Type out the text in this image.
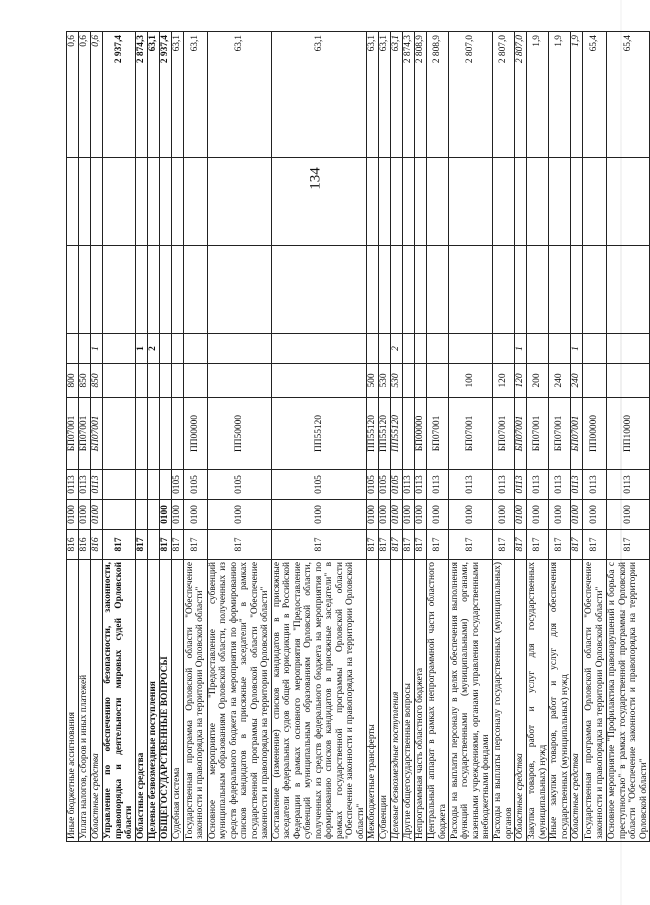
134
Иные бюджетные ассигнования	816	0100	0113	БП07001	800				0,6
Уплата налогов, сборов и иных платежей	816	0100	0113	БП07001	850				0,6
Областные средства	816	0100	0113	БП07001	850	1			0,6
Управление по обеспечению безопасности, законности, правопорядка и деятельности мировых судей Орловской области	817								2 937,4
Областные средства	817					1			2 874,3
Целевые безвозмездные поступления						2			63,1
ОБЩЕГОСУДАРСТВЕННЫЕ ВОПРОСЫ	817	0100							2 937,4
Судебная система	817	0100	0105						63,1
Государственная программа Орловской области "Обеспечение законности и правопорядка на территории Орловской области"	817	0100	0105	ПП00000					63,1
Основное мероприятие "Предоставление субвенций муниципальным образованиям Орловской области, полученных из средств федерального бюджета на мероприятия по формированию списков кандидатов в присяжные заседатели" в рамках государственной программы Орловской области "Обеспечение законности и правопорядка на территории Орловской области"	817	0100	0105	ПП50000					63,1
Составление (изменение) списков кандидатов в присяжные заседатели федеральных судов общей юрисдикции в Российской Федерации в рамках основного мероприятия "Предоставление субвенций муниципальным образованиям Орловской области, полученных из средств федерального бюджета на мероприятия по формированию списков кандидатов в присяжные заседатели" в рамках государственной программы Орловской области "Обеспечение законности и правопорядка на территории Орловской области"	817	0100	0105	ПП55120					63,1
Межбюджетные трансферты	817	0100	0105	ПП55120	500				63,1
Субвенции	817	0100	0105	ПП55120	530				63,1
Целевые безвозмездные поступления	817	0100	0105	ПП55120	530	2			63,1
Другие общегосударственные вопросы	817	0100	0113						2 874,3
Непрограммная часть областного бюджета	817	0100	0113	БП00000					2 808,9
Центральный аппарат в рамках непрограммной части областного бюджета	817	0100	0113	БП07001					2 808,9
Расходы на выплаты персоналу в целях обеспечения выполнения функций государственными (муниципальными) органами, казенными учреждениями, органами управления государственными внебюджетными фондами	817	0100	0113	БП07001	100				2 807,0
Расходы на выплаты персоналу государственных (муниципальных) органов	817	0100	0113	БП07001	120				2 807,0
Областные средства	817	0100	0113	БП07001	120	1			2 807,0
Закупка товаров, работ и услуг для государственных (муниципальных) нужд	817	0100	0113	БП07001	200				1,9
Иные закупки товаров, работ и услуг для обеспечения государственных (муниципальных) нужд	817	0100	0113	БП07001	240				1,9
Областные средства	817	0100	0113	БП07001	240	1			1,9
Государственная программа Орловской области "Обеспечение законности и правопорядка на территории Орловской области"	817	0100	0113	ПП00000					65,4
Основное мероприятие "Профилактика правонарушений и борьба с преступностью" в рамках государственной программы Орловской области "Обеспечение законности и правопорядка на территории Орловской области"	817	0100	0113	ПП10000					65,4
